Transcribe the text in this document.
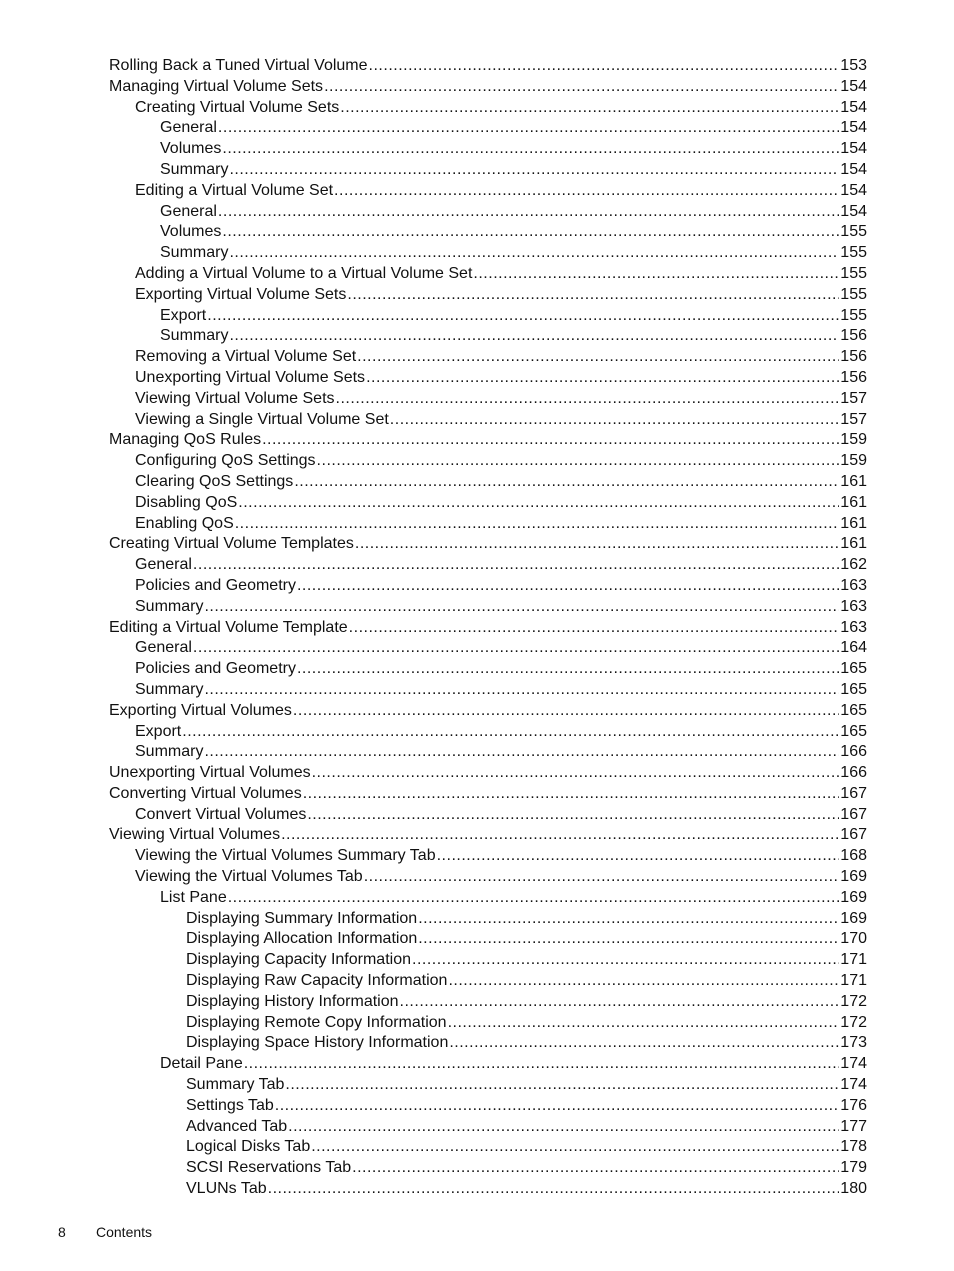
Rolling Back a Tuned Virtual Volume .....	153
Managing Virtual Volume Sets .....	154
Creating Virtual Volume Sets .....	154
General .....	154
Volumes .....	154
Summary .....	154
Editing a Virtual Volume Set .....	154
General .....	154
Volumes .....	155
Summary .....	155
Adding a Virtual Volume to a Virtual Volume Set .....	155
Exporting Virtual Volume Sets .....	155
Export .....	155
Summary .....	156
Removing a Virtual Volume Set .....	156
Unexporting Virtual Volume Sets .....	156
Viewing Virtual Volume Sets .....	157
Viewing a Single Virtual Volume Set .....	157
Managing QoS Rules .....	159
Configuring QoS Settings .....	159
Clearing QoS Settings .....	161
Disabling QoS .....	161
Enabling QoS .....	161
Creating Virtual Volume Templates .....	161
General .....	162
Policies and Geometry .....	163
Summary .....	163
Editing a Virtual Volume Template .....	163
General .....	164
Policies and Geometry .....	165
Summary .....	165
Exporting Virtual Volumes .....	165
Export .....	165
Summary .....	166
Unexporting Virtual Volumes .....	166
Converting Virtual Volumes .....	167
Convert Virtual Volumes .....	167
Viewing Virtual Volumes .....	167
Viewing the Virtual Volumes Summary Tab .....	168
Viewing the Virtual Volumes Tab .....	169
List Pane .....	169
Displaying Summary Information .....	169
Displaying Allocation Information .....	170
Displaying Capacity Information .....	171
Displaying Raw Capacity Information .....	171
Displaying History Information .....	172
Displaying Remote Copy Information .....	172
Displaying Space History Information .....	173
Detail Pane .....	174
Summary Tab .....	174
Settings Tab .....	176
Advanced Tab .....	177
Logical Disks Tab .....	178
SCSI Reservations Tab .....	179
VLUNs Tab .....	180
8 Contents
